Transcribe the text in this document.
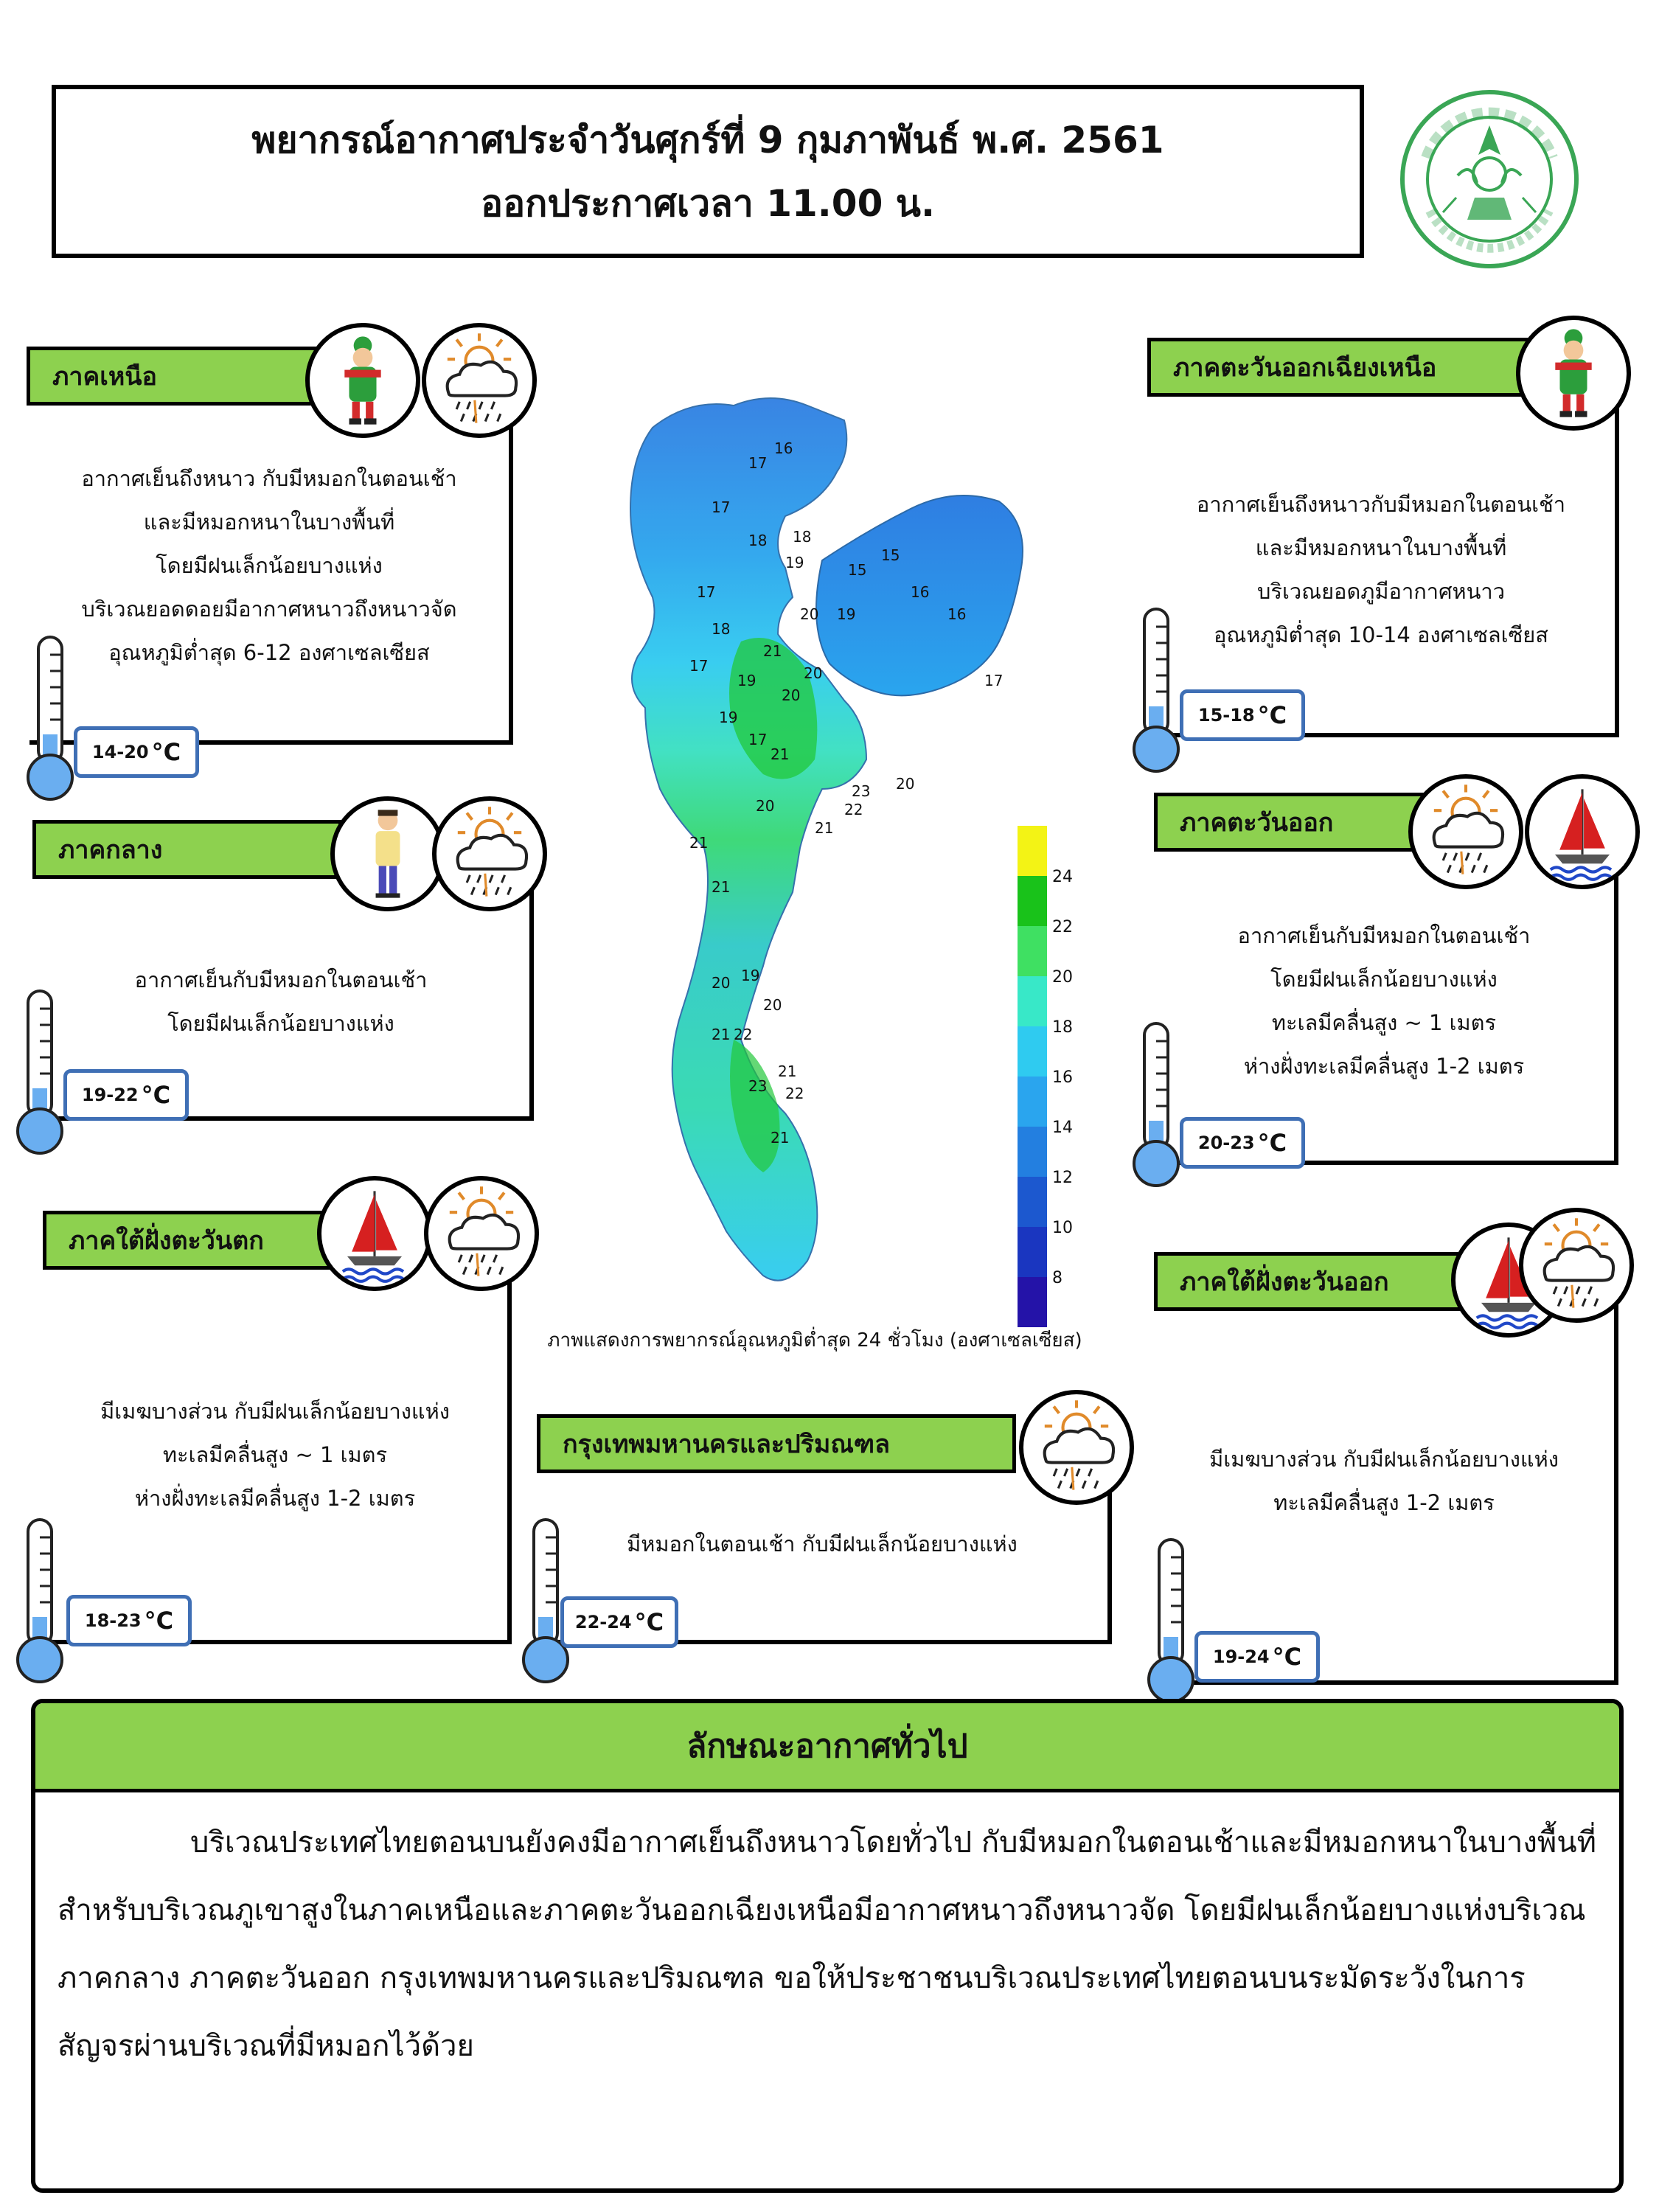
พยากรณ์อากาศประจำวันศุกร์ที่ 9 กุมภาพันธ์ พ.ศ. 2561
ออกประกาศเวลา 11.00 น.
อากาศเย็นถึงหนาว กับมีหมอกในตอนเช้า
และมีหมอกหนาในบางพื้นที่
โดยมีฝนเล็กน้อยบางแห่ง
บริเวณยอดดอยมีอากาศหนาวถึงหนาวจัด
อุณหภูมิต่ำสุด 6-12 องศาเซลเซียส
ภาคเหนือ
14-20 °C
อากาศเย็นถึงหนาวกับมีหมอกในตอนเช้า
และมีหมอกหนาในบางพื้นที่
บริเวณยอดภูมีอากาศหนาว
อุณหภูมิต่ำสุด 10-14 องศาเซลเซียส
ภาคตะวันออกเฉียงเหนือ
15-18 °C
อากาศเย็นกับมีหมอกในตอนเช้า
โดยมีฝนเล็กน้อยบางแห่ง
ภาคกลาง
19-22 °C
อากาศเย็นกับมีหมอกในตอนเช้า
โดยมีฝนเล็กน้อยบางแห่ง
ทะเลมีคลื่นสูง ~ 1 เมตร
ห่างฝั่งทะเลมีคลื่นสูง 1-2 เมตร
ภาคตะวันออก
20-23 °C
มีเมฆบางส่วน กับมีฝนเล็กน้อยบางแห่ง
ทะเลมีคลื่นสูง ~ 1 เมตร
ห่างฝั่งทะเลมีคลื่นสูง 1-2 เมตร
ภาคใต้ฝั่งตะวันตก
18-23 °C
มีหมอกในตอนเช้า กับมีฝนเล็กน้อยบางแห่ง
กรุงเทพมหานครและปริมณฑล
22-24 °C
มีเมฆบางส่วน กับมีฝนเล็กน้อยบางแห่ง
ทะเลมีคลื่นสูง 1-2 เมตร
ภาคใต้ฝั่งตะวันออก
19-24 °C
16
17
17
18
15
15
16
16
17
18
19
19
20
21
20
20
19
18
17
17
17
19
21
20
23
22
21
20
21
21
20 19
20
21 22
23 22
21
21
24
22
20
18
16
14
12
10
8
ภาพแสดงการพยากรณ์อุณหภูมิต่ำสุด 24 ชั่วโมง (องศาเซลเซียส)
ลักษณะอากาศทั่วไป
บริเวณประเทศไทยตอนบนยังคงมีอากาศเย็นถึงหนาวโดยทั่วไป กับมีหมอกในตอนเช้าและมีหมอกหนาในบางพื้นที่ สำหรับบริเวณภูเขาสูงในภาคเหนือและภาคตะวันออกเฉียงเหนือมีอากาศหนาวถึงหนาวจัด โดยมีฝนเล็กน้อยบางแห่งบริเวณภาคกลาง ภาคตะวันออก กรุงเทพมหานครและปริมณฑล ขอให้ประชาชนบริเวณประเทศไทยตอนบนระมัดระวังในการสัญจรผ่านบริเวณที่มีหมอกไว้ด้วย
